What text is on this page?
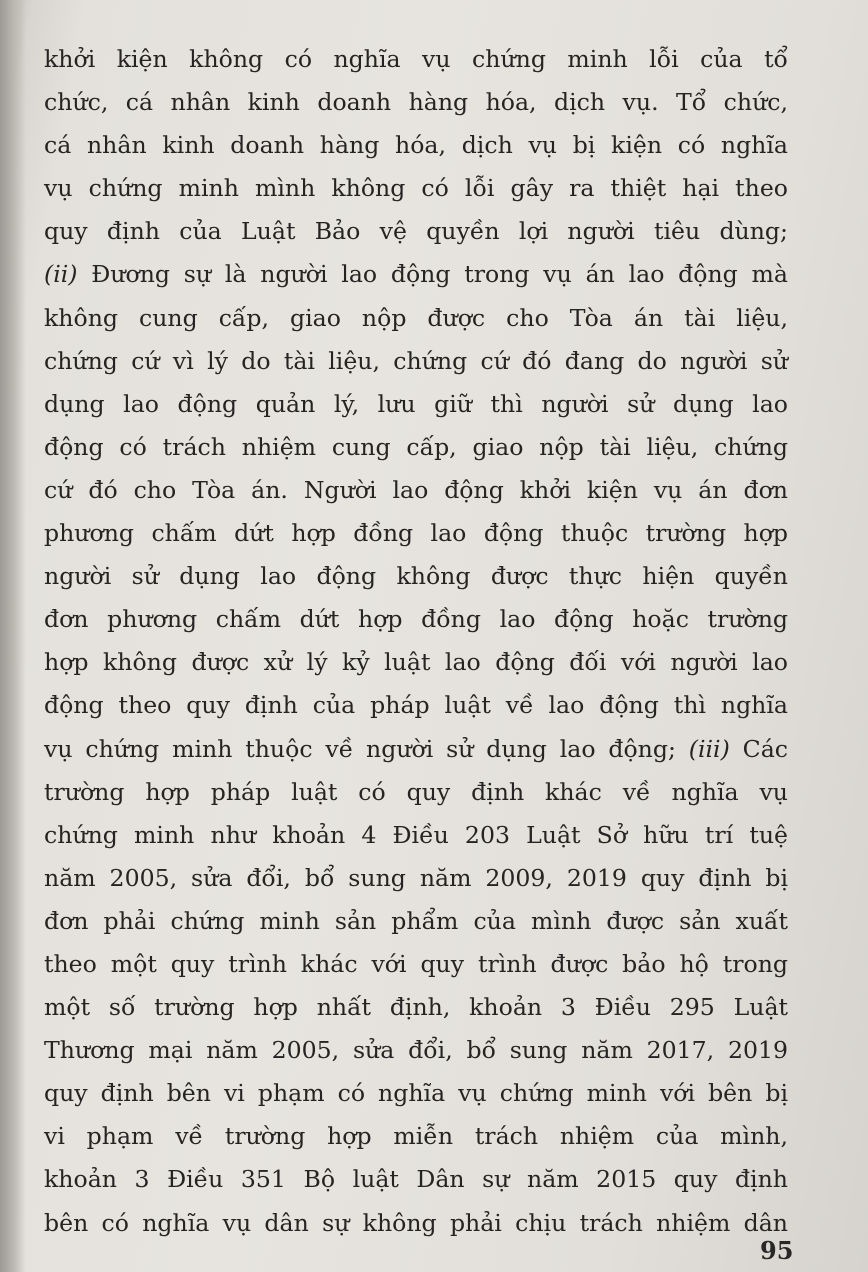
khởi kiện không có nghĩa vụ chứng minh lỗi của tổ
chức, cá nhân kinh doanh hàng hóa, dịch vụ. Tổ chức,
cá nhân kinh doanh hàng hóa, dịch vụ bị kiện có nghĩa
vụ chứng minh mình không có lỗi gây ra thiệt hại theo
quy định của Luật Bảo vệ quyền lợi người tiêu dùng;
(ii) Đương sự là người lao động trong vụ án lao động mà
không cung cấp, giao nộp được cho Tòa án tài liệu,
chứng cứ vì lý do tài liệu, chứng cứ đó đang do người sử
dụng lao động quản lý, lưu giữ thì người sử dụng lao
động có trách nhiệm cung cấp, giao nộp tài liệu, chứng
cứ đó cho Tòa án. Người lao động khởi kiện vụ án đơn
phương chấm dứt hợp đồng lao động thuộc trường hợp
người sử dụng lao động không được thực hiện quyền
đơn phương chấm dứt hợp đồng lao động hoặc trường
hợp không được xử lý kỷ luật lao động đối với người lao
động theo quy định của pháp luật về lao động thì nghĩa
vụ chứng minh thuộc về người sử dụng lao động; (iii) Các
trường hợp pháp luật có quy định khác về nghĩa vụ
chứng minh như khoản 4 Điều 203 Luật Sở hữu trí tuệ
năm 2005, sửa đổi, bổ sung năm 2009, 2019 quy định bị
đơn phải chứng minh sản phẩm của mình được sản xuất
theo một quy trình khác với quy trình được bảo hộ trong
một số trường hợp nhất định, khoản 3 Điều 295 Luật
Thương mại năm 2005, sửa đổi, bổ sung năm 2017, 2019
quy định bên vi phạm có nghĩa vụ chứng minh với bên bị
vi phạm về trường hợp miễn trách nhiệm của mình,
khoản 3 Điều 351 Bộ luật Dân sự năm 2015 quy định
bên có nghĩa vụ dân sự không phải chịu trách nhiệm dân

95
